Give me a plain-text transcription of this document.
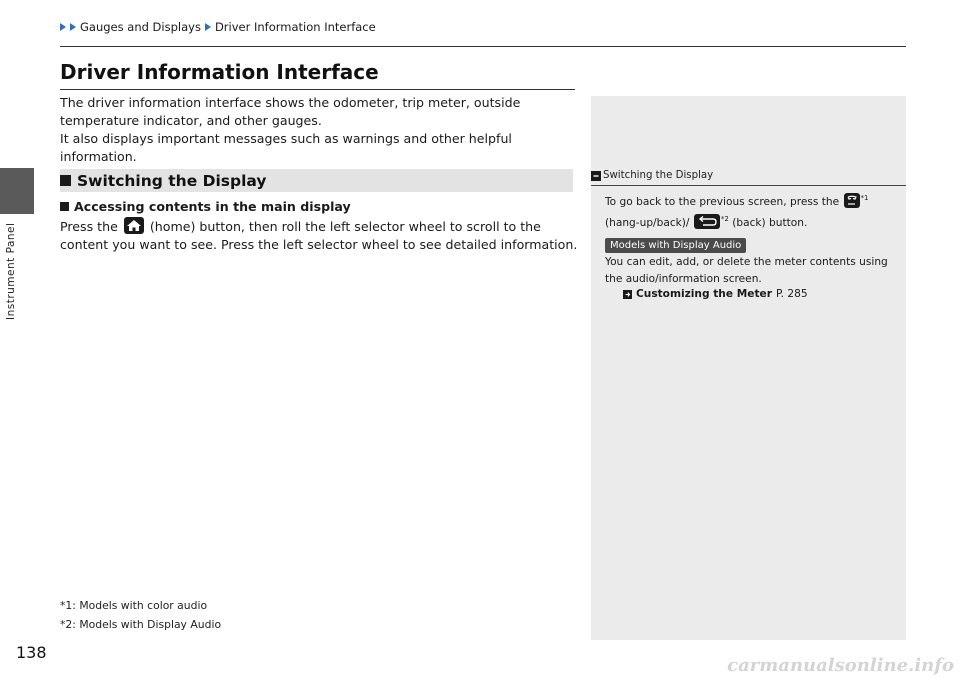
Instrument Panel
Gauges and Displays Driver Information Interface
Driver Information Interface
The driver information interface shows the odometer, trip meter, outside
temperature indicator, and other gauges.
It also displays important messages such as warnings and other helpful information.
Switching the Display
Accessing contents in the main display
Press the	(home) button, then roll the left selector wheel to scroll to the content you want to see. Press the left selector wheel to see detailed information.
*1: Models with color audio
*2: Models with Display Audio
138
Switching the Display
To go back to the previous screen, press the	$^{*1}$ (hang-up/back)/	$^{*2}$ (back) button.
Models with Display Audio
You can edit, add, or delete the meter contents using the audio/information screen.
Customizing the Meter P. 285
carmanualsonline.info
